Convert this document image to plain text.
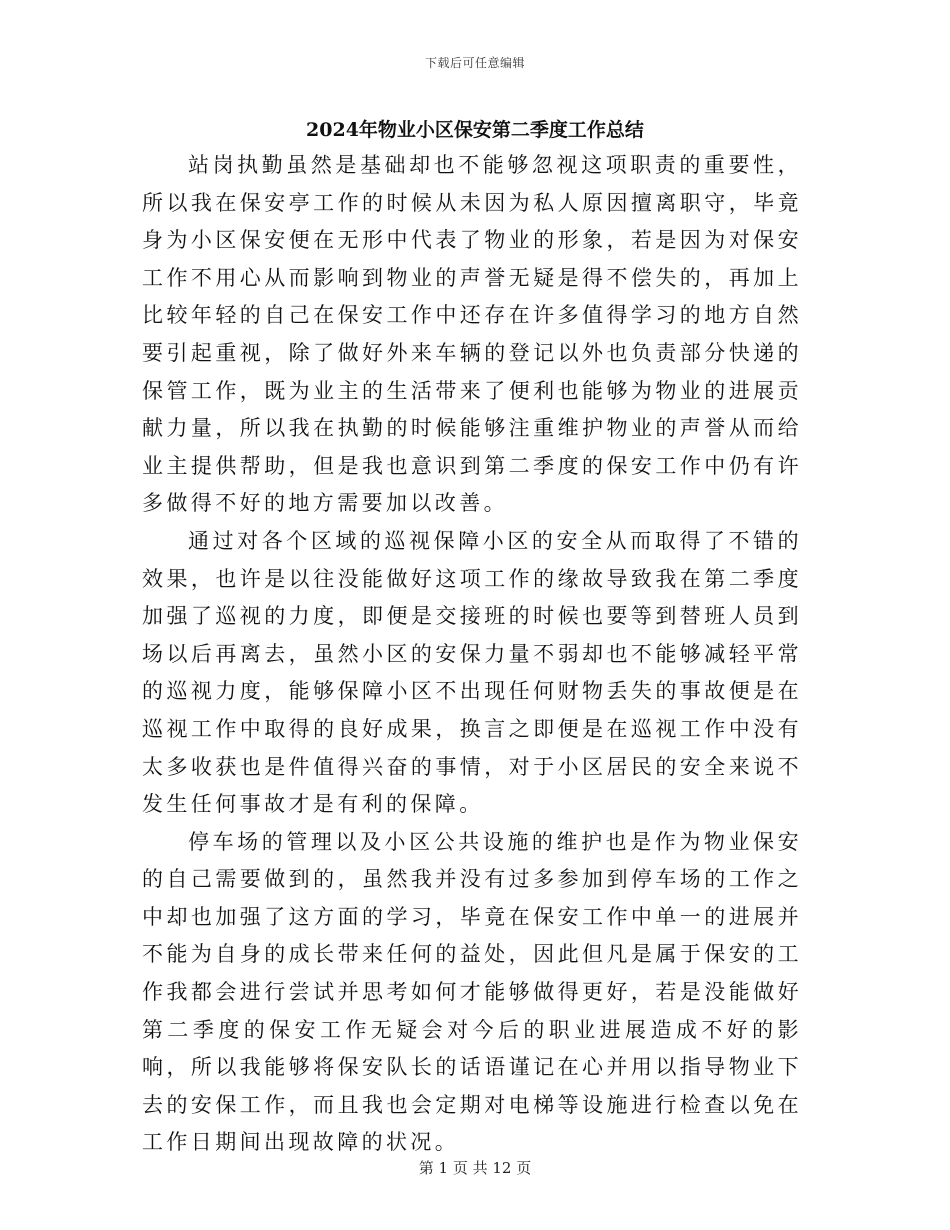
下载后可任意编辑
2024年物业小区保安第二季度工作总结

站岗执勤虽然是基础却也不能够忽视这项职责的重要性，所以我在保安亭工作的时候从未因为私人原因擅离职守，毕竟身为小区保安便在无形中代表了物业的形象，若是因为对保安工作不用心从而影响到物业的声誉无疑是得不偿失的，再加上比较年轻的自己在保安工作中还存在许多值得学习的地方自然要引起重视，除了做好外来车辆的登记以外也负责部分快递的保管工作，既为业主的生活带来了便利也能够为物业的进展贡献力量，所以我在执勤的时候能够注重维护物业的声誉从而给业主提供帮助，但是我也意识到第二季度的保安工作中仍有许多做得不好的地方需要加以改善。

通过对各个区域的巡视保障小区的安全从而取得了不错的效果，也许是以往没能做好这项工作的缘故导致我在第二季度加强了巡视的力度，即便是交接班的时候也要等到替班人员到场以后再离去，虽然小区的安保力量不弱却也不能够减轻平常的巡视力度，能够保障小区不出现任何财物丢失的事故便是在巡视工作中取得的良好成果，换言之即便是在巡视工作中没有太多收获也是件值得兴奋的事情，对于小区居民的安全来说不发生任何事故才是有利的保障。

停车场的管理以及小区公共设施的维护也是作为物业保安的自己需要做到的，虽然我并没有过多参加到停车场的工作之中却也加强了这方面的学习，毕竟在保安工作中单一的进展并不能为自身的成长带来任何的益处，因此但凡是属于保安的工作我都会进行尝试并思考如何才能够做得更好，若是没能做好第二季度的保安工作无疑会对今后的职业进展造成不好的影响，所以我能够将保安队长的话语谨记在心并用以指导物业下去的安保工作，而且我也会定期对电梯等设施进行检查以免在工作日期间出现故障的状况。

第 1 页 共 12 页
